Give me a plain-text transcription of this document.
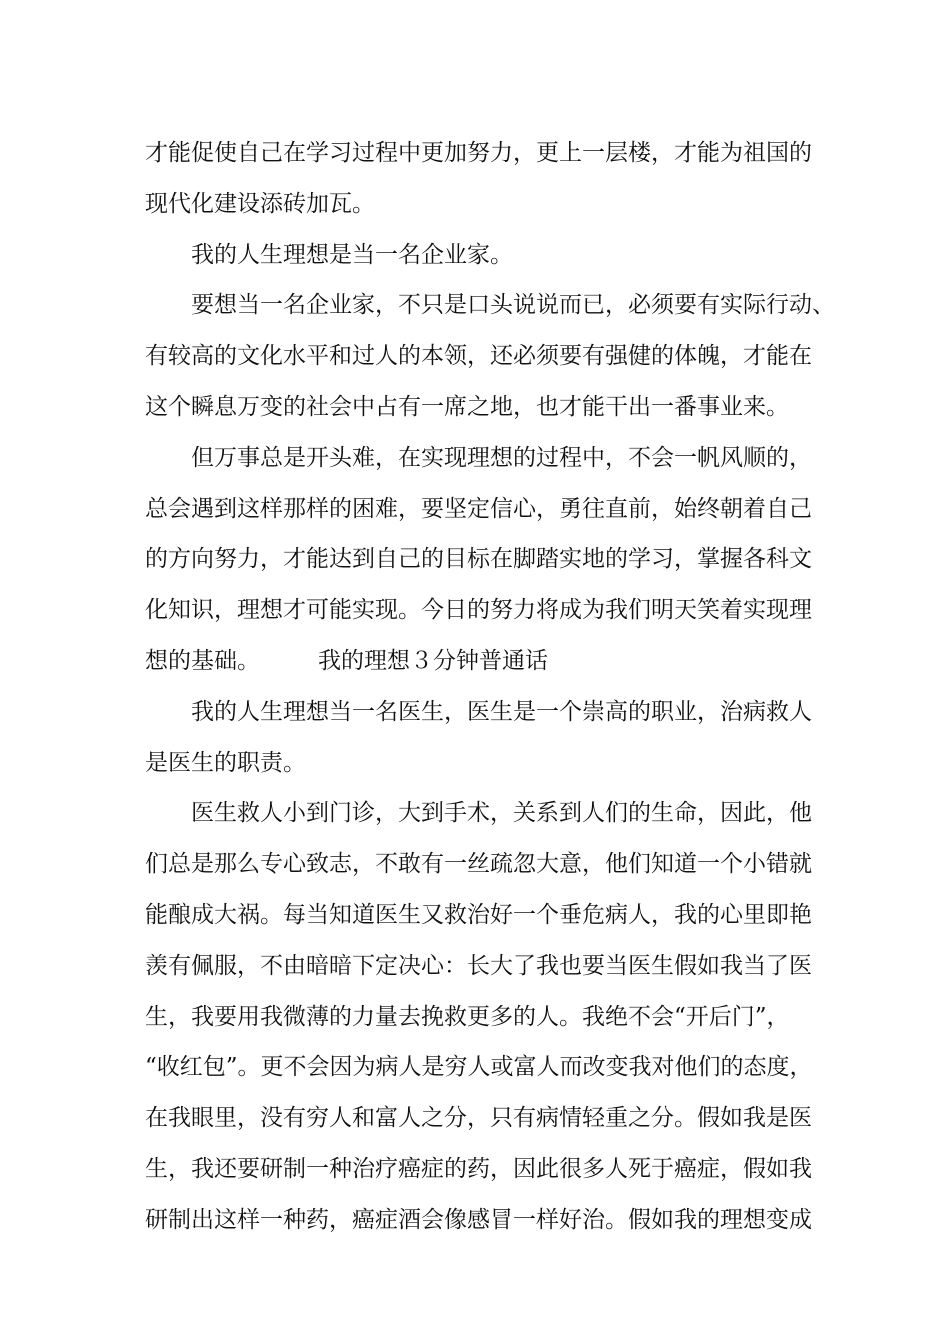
才能促使自己在学习过程中更加努力，更上一层楼，才能为祖国的
现代化建设添砖加瓦。
我的人生理想是当一名企业家。
要想当一名企业家，不只是口头说说而已，必须要有实际行动、
有较高的文化水平和过人的本领，还必须要有强健的体魄，才能在
这个瞬息万变的社会中占有一席之地，也才能干出一番事业来。
但万事总是开头难，在实现理想的过程中，不会一帆风顺的，
总会遇到这样那样的困难，要坚定信心，勇往直前，始终朝着自己
的方向努力，才能达到自己的目标在脚踏实地的学习，掌握各科文
化知识，理想才可能实现。今日的努力将成为我们明天笑着实现理
想的基础。	我的理想３分钟普通话
我的人生理想当一名医生，医生是一个崇高的职业，治病救人
是医生的职责。
医生救人小到门诊，大到手术，关系到人们的生命，因此，他
们总是那么专心致志，不敢有一丝疏忽大意，他们知道一个小错就
能酿成大祸。每当知道医生又救治好一个垂危病人，我的心里即艳
羡有佩服，不由暗暗下定决心：长大了我也要当医生假如我当了医
生，我要用我微薄的力量去挽救更多的人。我绝不会“开后门”，
“收红包”。更不会因为病人是穷人或富人而改变我对他们的态度，
在我眼里，没有穷人和富人之分，只有病情轻重之分。假如我是医
生，我还要研制一种治疗癌症的药，因此很多人死于癌症，假如我
研制出这样一种药，癌症酒会像感冒一样好治。假如我的理想变成
